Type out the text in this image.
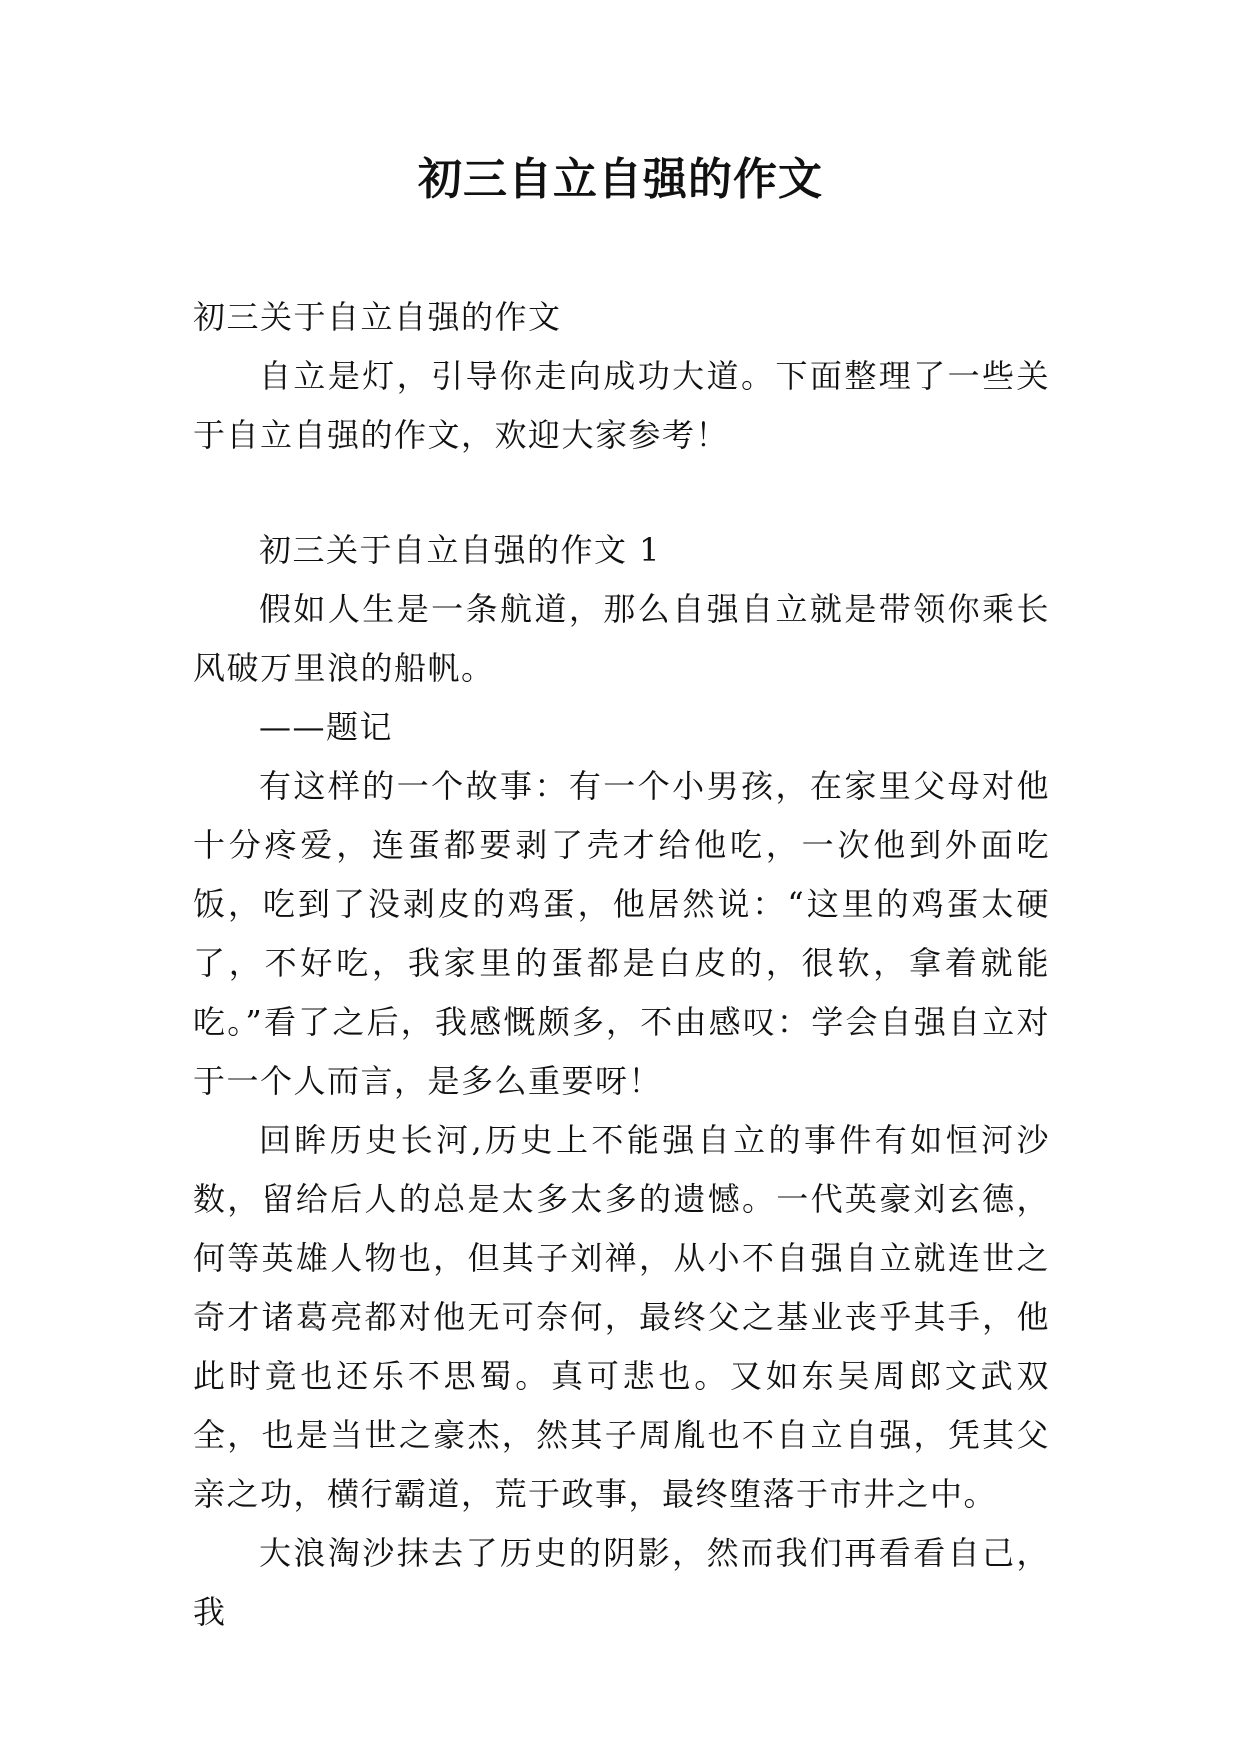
初三自立自强的作文

初三关于自立自强的作文

自立是灯，引导你走向成功大道。下面整理了一些关于自立自强的作文，欢迎大家参考！

初三关于自立自强的作文 1

假如人生是一条航道，那么自强自立就是带领你乘长风破万里浪的船帆。

——题记

有这样的一个故事：有一个小男孩，在家里父母对他十分疼爱，连蛋都要剥了壳才给他吃，一次他到外面吃饭，吃到了没剥皮的鸡蛋，他居然说：“这里的鸡蛋太硬了，不好吃，我家里的蛋都是白皮的，很软，拿着就能吃。”看了之后，我感慨颇多，不由感叹：学会自强自立对于一个人而言，是多么重要呀！

回眸历史长河,历史上不能强自立的事件有如恒河沙数，留给后人的总是太多太多的遗憾。一代英豪刘玄德，何等英雄人物也，但其子刘禅，从小不自强自立就连世之奇才诸葛亮都对他无可奈何，最终父之基业丧乎其手，他此时竟也还乐不思蜀。真可悲也。又如东吴周郎文武双全，也是当世之豪杰，然其子周胤也不自立自强，凭其父亲之功，横行霸道，荒于政事，最终堕落于市井之中。

大浪淘沙抹去了历史的阴影，然而我们再看看自己，我
